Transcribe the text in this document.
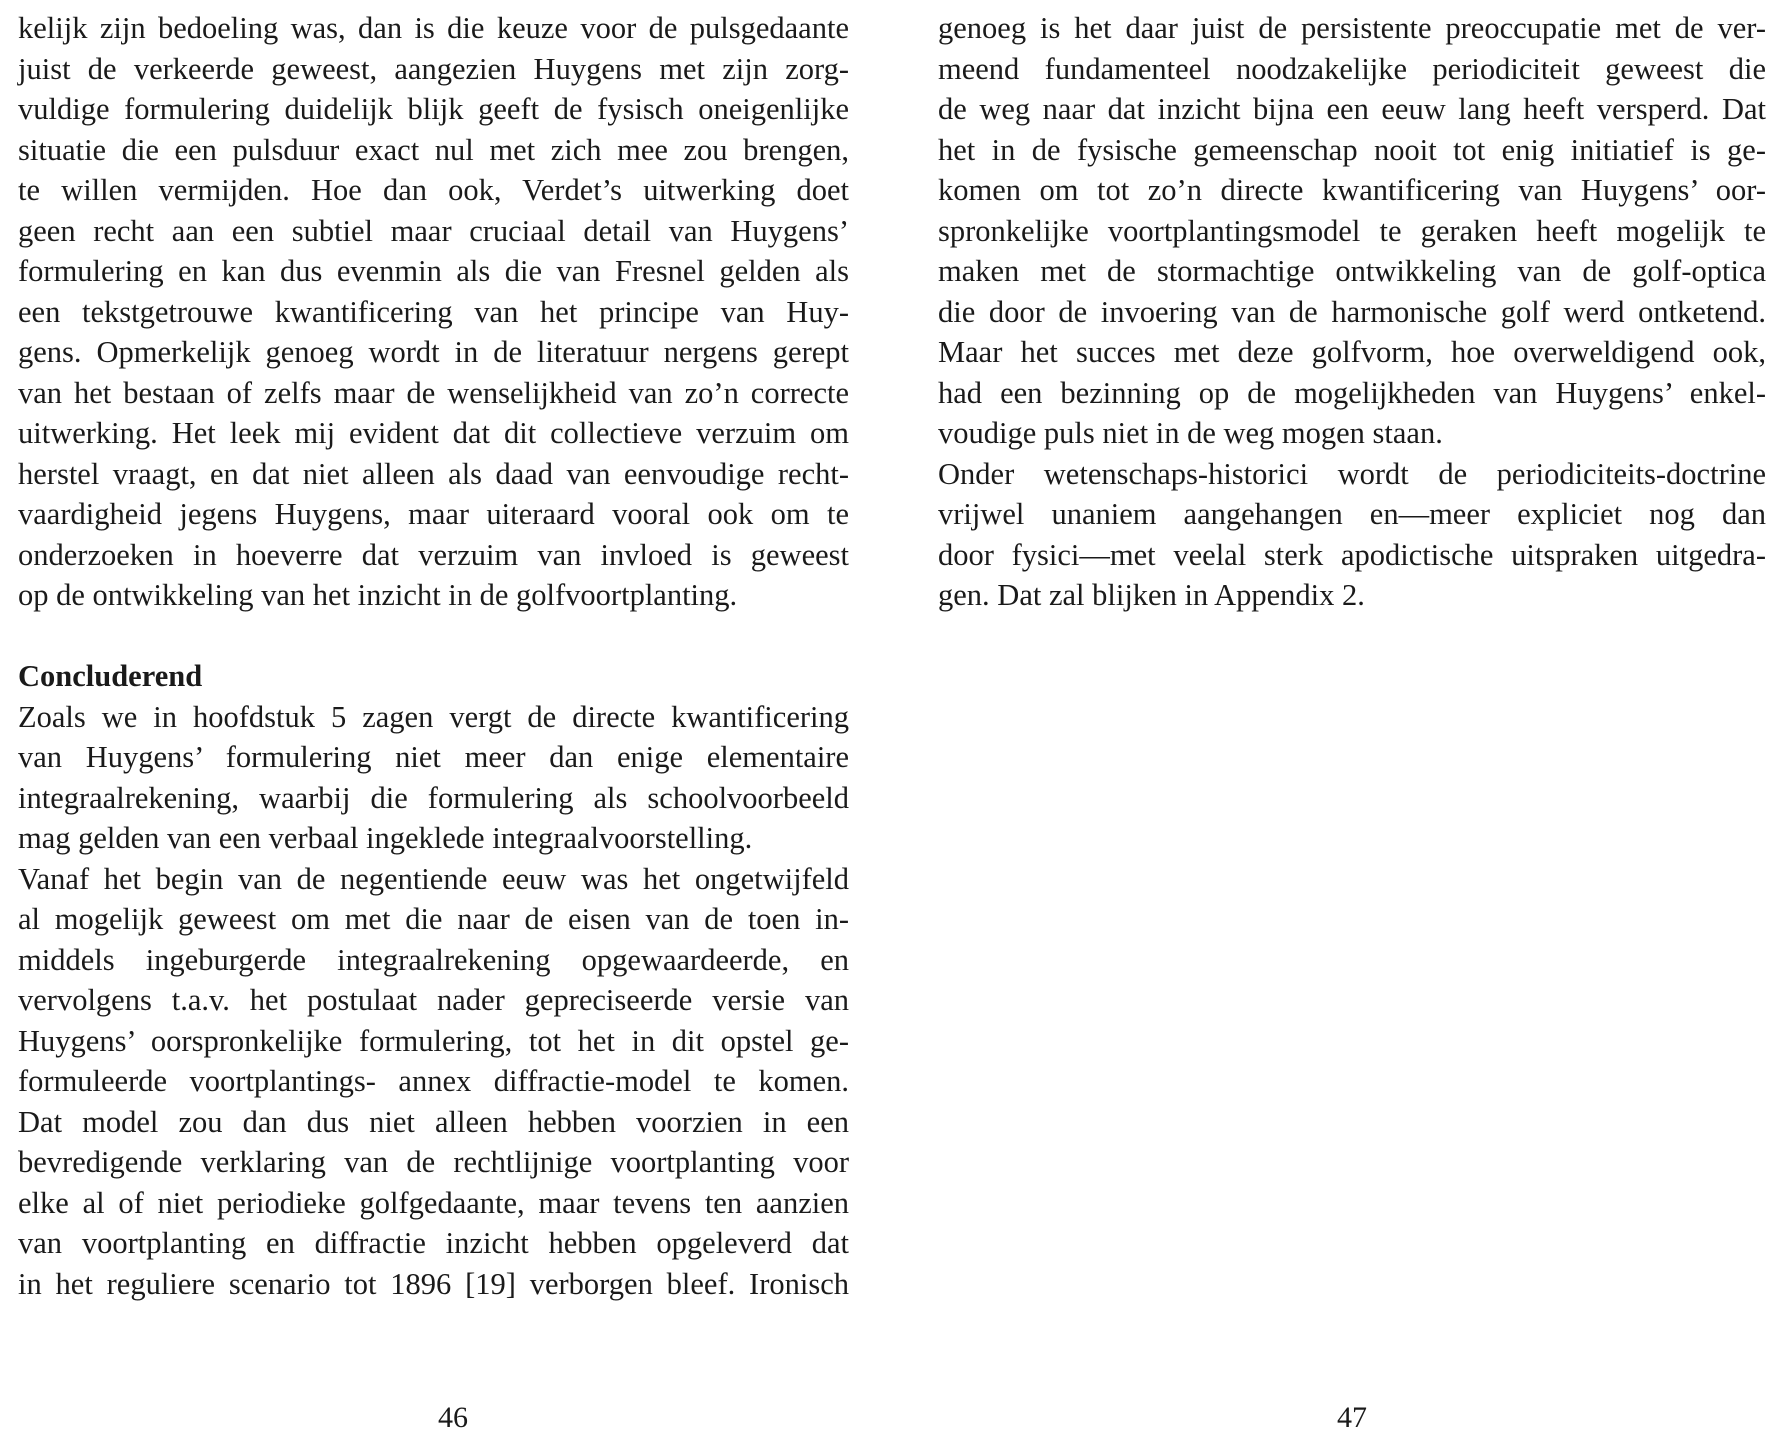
kelijk zijn bedoeling was, dan is die keuze voor de pulsgedaante
juist de verkeerde geweest, aangezien Huygens met zijn zorg-
vuldige formulering duidelijk blijk geeft de fysisch oneigenlijke
situatie die een pulsduur exact nul met zich mee zou brengen,
te willen vermijden. Hoe dan ook, Verdet’s uitwerking doet
geen recht aan een subtiel maar cruciaal detail van Huygens’
formulering en kan dus evenmin als die van Fresnel gelden als
een tekstgetrouwe kwantificering van het principe van Huy-
gens. Opmerkelijk genoeg wordt in de literatuur nergens gerept
van het bestaan of zelfs maar de wenselijkheid van zo’n correcte
uitwerking. Het leek mij evident dat dit collectieve verzuim om
herstel vraagt, en dat niet alleen als daad van eenvoudige recht-
vaardigheid jegens Huygens, maar uiteraard vooral ook om te
onderzoeken in hoeverre dat verzuim van invloed is geweest
op de ontwikkeling van het inzicht in de golfvoortplanting.
Concluderend
Zoals we in hoofdstuk 5 zagen vergt de directe kwantificering
van Huygens’ formulering niet meer dan enige elementaire
integraalrekening, waarbij die formulering als schoolvoorbeeld
mag gelden van een verbaal ingeklede integraalvoorstelling.
Vanaf het begin van de negentiende eeuw was het ongetwijfeld
al mogelijk geweest om met die naar de eisen van de toen in-
middels ingeburgerde integraalrekening opgewaardeerde, en
vervolgens t.a.v. het postulaat nader gepreciseerde versie van
Huygens’ oorspronkelijke formulering, tot het in dit opstel ge-
formuleerde voortplantings- annex diffractie-model te komen.
Dat model zou dan dus niet alleen hebben voorzien in een
bevredigende verklaring van de rechtlijnige voortplanting voor
elke al of niet periodieke golfgedaante, maar tevens ten aanzien
van voortplanting en diffractie inzicht hebben opgeleverd dat
in het reguliere scenario tot 1896 [19] verborgen bleef. Ironisch
46
genoeg is het daar juist de persistente preoccupatie met de ver-
meend fundamenteel noodzakelijke periodiciteit geweest die
de weg naar dat inzicht bijna een eeuw lang heeft versperd. Dat
het in de fysische gemeenschap nooit tot enig initiatief is ge-
komen om tot zo’n directe kwantificering van Huygens’ oor-
spronkelijke voortplantingsmodel te geraken heeft mogelijk te
maken met de stormachtige ontwikkeling van de golf-optica
die door de invoering van de harmonische golf werd ontketend.
Maar het succes met deze golfvorm, hoe overweldigend ook,
had een bezinning op de mogelijkheden van Huygens’ enkel-
voudige puls niet in de weg mogen staan.
Onder wetenschaps-historici wordt de periodiciteits-doctrine
vrijwel unaniem aangehangen en—meer expliciet nog dan
door fysici—met veelal sterk apodictische uitspraken uitgedra-
gen. Dat zal blijken in Appendix 2.
47
